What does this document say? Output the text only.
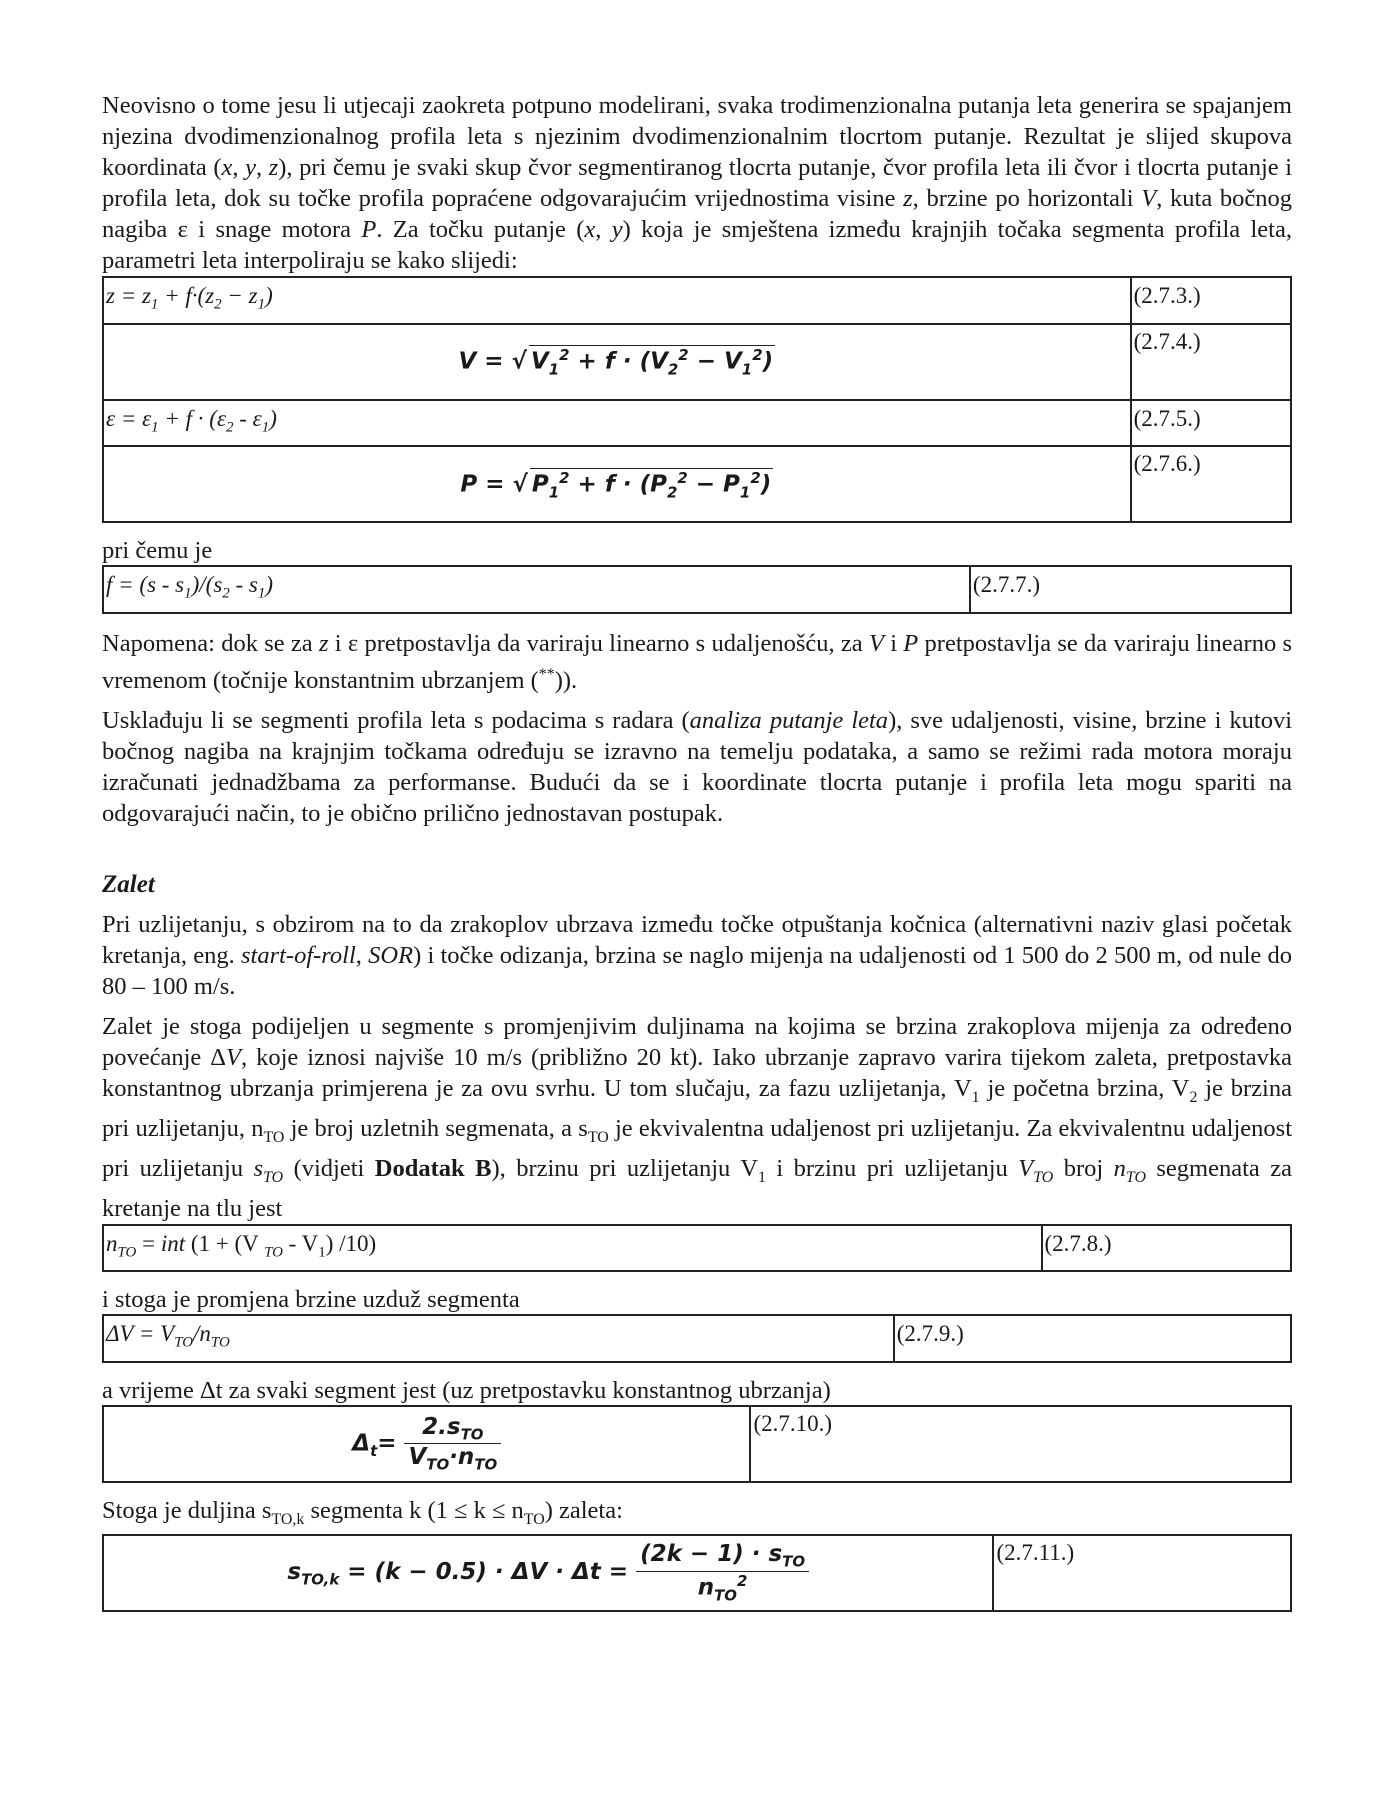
Neovisno o tome jesu li utjecaji zaokreta potpuno modelirani, svaka trodimenzionalna putanja leta generira se spajanjem njezina dvodimenzionalnog profila leta s njezinim dvodimenzionalnim tlocrtom putanje. Rezultat je slijed skupova koordinata (x, y, z), pri čemu je svaki skup čvor segmentiranog tlocrta putanje, čvor profila leta ili čvor i tlocrta putanje i profila leta, dok su točke profila popraćene odgovarajućim vrijednostima visine z, brzine po horizontali V, kuta bočnog nagiba ε i snage motora P. Za točku putanje (x, y) koja je smještena između krajnjih točaka segmenta profila leta, parametri leta interpoliraju se kako slijedi:

$z = z_1 + f\cdot(z_2 - z_1)$	(2.7.3.)
V = √ $V_1^2 + f \cdot (V_2^2 - V_1^2)$	(2.7.4.)
$\varepsilon = \varepsilon_1 + f \cdot (\varepsilon_2 - \varepsilon_1)$	(2.7.5.)
P = √ $P_1^2 + f \cdot (P_2^2 - P_1^2)$	(2.7.6.)

pri čemu je

$f = (s - s_1)/(s_2 - s_1)$	(2.7.7.)

Napomena: dok se za z i ε pretpostavlja da variraju linearno s udaljenošću, za V i P pretpostavlja se da variraju linearno s vremenom (točnije konstantnim ubrzanjem (**)).

Usklađuju li se segmenti profila leta s podacima s radara (analiza putanje leta), sve udaljenosti, visine, brzine i kutovi bočnog nagiba na krajnjim točkama određuju se izravno na temelju podataka, a samo se režimi rada motora moraju izračunati jednadžbama za performanse. Budući da se i koordinate tlocrta putanje i profila leta mogu spariti na odgovarajući način, to je obično prilično jednostavan postupak.

Zalet

Pri uzlijetanju, s obzirom na to da zrakoplov ubrzava između točke otpuštanja kočnica (alternativni naziv glasi početak kretanja, eng. start-of-roll, SOR) i točke odizanja, brzina se naglo mijenja na udaljenosti od 1 500 do 2 500 m, od nule do 80 – 100 m/s.

Zalet je stoga podijeljen u segmente s promjenjivim duljinama na kojima se brzina zrakoplova mijenja za određeno povećanje ΔV, koje iznosi najviše 10 m/s (približno 20 kt). Iako ubrzanje zapravo varira tijekom zaleta, pretpostavka konstantnog ubrzanja primjerena je za ovu svrhu. U tom slučaju, za fazu uzlijetanja, $V_1$ je početna brzina, $V_2$ je brzina pri uzlijetanju, $n_{TO}$ je broj uzletnih segmenata, a $s_{TO}$ je ekvivalentna udaljenost pri uzlijetanju. Za ekvivalentnu udaljenost pri uzlijetanju $s_{TO}$ (vidjeti Dodatak B), brzinu pri uzlijetanju $V_1$ i brzinu pri uzlijetanju $V_{TO}$ broj $n_{TO}$ segmenata za kretanje na tlu jest

$n_{TO}$ = int (1 + (V $_{TO} - V_1$) /10)	(2.7.8.)

i stoga je promjena brzine uzduž segmenta

$\Delta V = V_{TO}/n_{TO}$	(2.7.9.)

a vrijeme Δt za svaki segment jest (uz pretpostavku konstantnog ubrzanja)

$\Delta_t= \frac{2.s_{TO}}{V_{TO}\cdot n_{TO}}$	(2.7.10.)

Stoga je duljina $s_{TO,k}$ segmenta k $(1 \le k \le n_{TO})$ zaleta:

$s_{TO,k} = (k - 0.5) \cdot \Delta V \cdot \Delta t = \frac{(2k - 1) \cdot s_{TO}}{n_{TO}^2}$	(2.7.11.)
